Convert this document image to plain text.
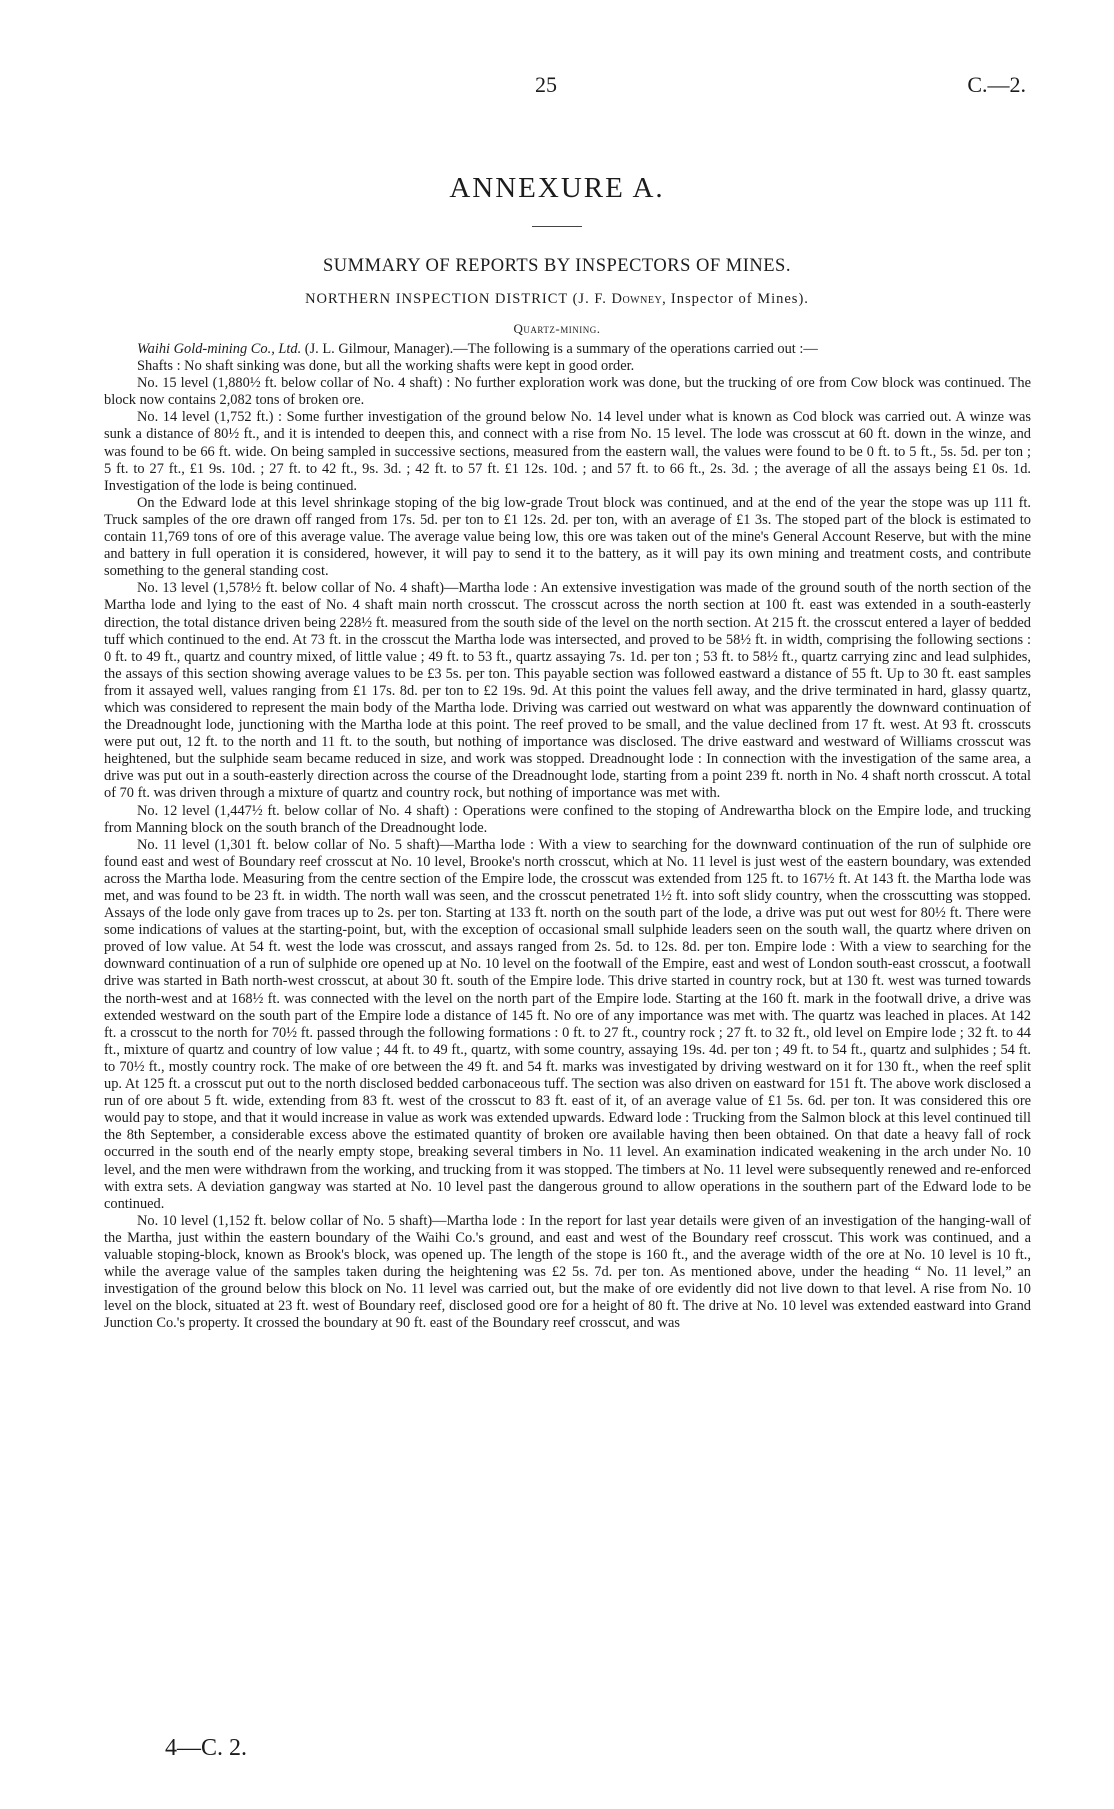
25	C.—2.
ANNEXURE A.
SUMMARY OF REPORTS BY INSPECTORS OF MINES.
NORTHERN INSPECTION DISTRICT (J. F. Downey, Inspector of Mines).
Quartz-mining.

Waihi Gold-mining Co., Ltd. (J. L. Gilmour, Manager).—The following is a summary of the operations carried out :—

Shafts : No shaft sinking was done, but all the working shafts were kept in good order.

No. 15 level (1,880½ ft. below collar of No. 4 shaft) : No further exploration work was done, but the trucking of ore from Cow block was continued. The block now contains 2,082 tons of broken ore.

No. 14 level (1,752 ft.) : Some further investigation of the ground below No. 14 level under what is known as Cod block was carried out. A winze was sunk a distance of 80½ ft., and it is intended to deepen this, and connect with a rise from No. 15 level. The lode was crosscut at 60 ft. down in the winze, and was found to be 66 ft. wide. On being sampled in successive sections, measured from the eastern wall, the values were found to be 0 ft. to 5 ft., 5s. 5d. per ton ; 5 ft. to 27 ft., £1 9s. 10d. ; 27 ft. to 42 ft., 9s. 3d. ; 42 ft. to 57 ft. £1 12s. 10d. ; and 57 ft. to 66 ft., 2s. 3d. ; the average of all the assays being £1 0s. 1d. Investigation of the lode is being continued.

On the Edward lode at this level shrinkage stoping of the big low-grade Trout block was continued, and at the end of the year the stope was up 111 ft. Truck samples of the ore drawn off ranged from 17s. 5d. per ton to £1 12s. 2d. per ton, with an average of £1 3s. The stoped part of the block is estimated to contain 11,769 tons of ore of this average value. The average value being low, this ore was taken out of the mine's General Account Reserve, but with the mine and battery in full operation it is considered, however, it will pay to send it to the battery, as it will pay its own mining and treatment costs, and contribute something to the general standing cost.

No. 13 level (1,578½ ft. below collar of No. 4 shaft)—Martha lode : An extensive investigation was made of the ground south of the north section of the Martha lode and lying to the east of No. 4 shaft main north crosscut. The crosscut across the north section at 100 ft. east was extended in a south-easterly direction, the total distance driven being 228½ ft. measured from the south side of the level on the north section. At 215 ft. the crosscut entered a layer of bedded tuff which continued to the end. At 73 ft. in the crosscut the Martha lode was intersected, and proved to be 58½ ft. in width, comprising the following sections : 0 ft. to 49 ft., quartz and country mixed, of little value ; 49 ft. to 53 ft., quartz assaying 7s. 1d. per ton ; 53 ft. to 58½ ft., quartz carrying zinc and lead sulphides, the assays of this section showing average values to be £3 5s. per ton. This payable section was followed eastward a distance of 55 ft. Up to 30 ft. east samples from it assayed well, values ranging from £1 17s. 8d. per ton to £2 19s. 9d. At this point the values fell away, and the drive terminated in hard, glassy quartz, which was considered to represent the main body of the Martha lode. Driving was carried out westward on what was apparently the downward continuation of the Dreadnought lode, junctioning with the Martha lode at this point. The reef proved to be small, and the value declined from 17 ft. west. At 93 ft. crosscuts were put out, 12 ft. to the north and 11 ft. to the south, but nothing of importance was disclosed. The drive eastward and westward of Williams crosscut was heightened, but the sulphide seam became reduced in size, and work was stopped. Dreadnought lode : In connection with the investigation of the same area, a drive was put out in a south-easterly direction across the course of the Dreadnought lode, starting from a point 239 ft. north in No. 4 shaft north crosscut. A total of 70 ft. was driven through a mixture of quartz and country rock, but nothing of importance was met with.

No. 12 level (1,447½ ft. below collar of No. 4 shaft) : Operations were confined to the stoping of Andrewartha block on the Empire lode, and trucking from Manning block on the south branch of the Dreadnought lode.

No. 11 level (1,301 ft. below collar of No. 5 shaft)—Martha lode : With a view to searching for the downward continuation of the run of sulphide ore found east and west of Boundary reef crosscut at No. 10 level, Brooke's north crosscut, which at No. 11 level is just west of the eastern boundary, was extended across the Martha lode. Measuring from the centre section of the Empire lode, the crosscut was extended from 125 ft. to 167½ ft. At 143 ft. the Martha lode was met, and was found to be 23 ft. in width. The north wall was seen, and the crosscut penetrated 1½ ft. into soft slidy country, when the crosscutting was stopped. Assays of the lode only gave from traces up to 2s. per ton. Starting at 133 ft. north on the south part of the lode, a drive was put out west for 80½ ft. There were some indications of values at the starting-point, but, with the exception of occasional small sulphide leaders seen on the south wall, the quartz where driven on proved of low value. At 54 ft. west the lode was crosscut, and assays ranged from 2s. 5d. to 12s. 8d. per ton. Empire lode : With a view to searching for the downward continuation of a run of sulphide ore opened up at No. 10 level on the footwall of the Empire, east and west of London south-east crosscut, a footwall drive was started in Bath north-west crosscut, at about 30 ft. south of the Empire lode. This drive started in country rock, but at 130 ft. west was turned towards the north-west and at 168½ ft. was connected with the level on the north part of the Empire lode. Starting at the 160 ft. mark in the footwall drive, a drive was extended westward on the south part of the Empire lode a distance of 145 ft. No ore of any importance was met with. The quartz was leached in places. At 142 ft. a crosscut to the north for 70½ ft. passed through the following formations : 0 ft. to 27 ft., country rock ; 27 ft. to 32 ft., old level on Empire lode ; 32 ft. to 44 ft., mixture of quartz and country of low value ; 44 ft. to 49 ft., quartz, with some country, assaying 19s. 4d. per ton ; 49 ft. to 54 ft., quartz and sulphides ; 54 ft. to 70½ ft., mostly country rock. The make of ore between the 49 ft. and 54 ft. marks was investigated by driving westward on it for 130 ft., when the reef split up. At 125 ft. a crosscut put out to the north disclosed bedded carbonaceous tuff. The section was also driven on eastward for 151 ft. The above work disclosed a run of ore about 5 ft. wide, extending from 83 ft. west of the crosscut to 83 ft. east of it, of an average value of £1 5s. 6d. per ton. It was considered this ore would pay to stope, and that it would increase in value as work was extended upwards. Edward lode : Trucking from the Salmon block at this level continued till the 8th September, a considerable excess above the estimated quantity of broken ore available having then been obtained. On that date a heavy fall of rock occurred in the south end of the nearly empty stope, breaking several timbers in No. 11 level. An examination indicated weakening in the arch under No. 10 level, and the men were withdrawn from the working, and trucking from it was stopped. The timbers at No. 11 level were subsequently renewed and re-enforced with extra sets. A deviation gangway was started at No. 10 level past the dangerous ground to allow operations in the southern part of the Edward lode to be continued.

No. 10 level (1,152 ft. below collar of No. 5 shaft)—Martha lode : In the report for last year details were given of an investigation of the hanging-wall of the Martha, just within the eastern boundary of the Waihi Co.'s ground, and east and west of the Boundary reef crosscut. This work was continued, and a valuable stoping-block, known as Brook's block, was opened up. The length of the stope is 160 ft., and the average width of the ore at No. 10 level is 10 ft., while the average value of the samples taken during the heightening was £2 5s. 7d. per ton. As mentioned above, under the heading “ No. 11 level,” an investigation of the ground below this block on No. 11 level was carried out, but the make of ore evidently did not live down to that level. A rise from No. 10 level on the block, situated at 23 ft. west of Boundary reef, disclosed good ore for a height of 80 ft. The drive at No. 10 level was extended eastward into Grand Junction Co.'s property. It crossed the boundary at 90 ft. east of the Boundary reef crosscut, and was

4—C. 2.
